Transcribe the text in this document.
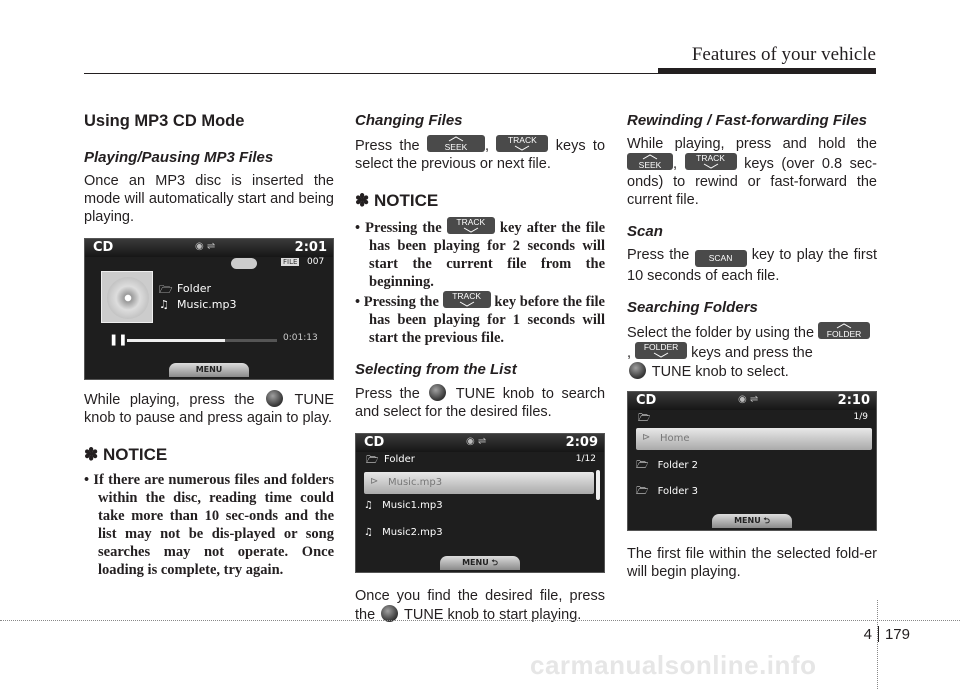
Features of your vehicle
Using MP3 CD Mode
Playing/Pausing MP3 Files

Once an MP3 disc is inserted the mode will automatically start and being playing.

CD	◉ ⇌	2:01
FILE 007
🗁 Folder
♫ Music.mp3
❚❚	0:01:13
MENU

While playing, press the	TUNE knob to pause and press again to play.

✽ NOTICE
• If there are numerous files and folders within the disc, reading time could take more than 10 sec-onds and the list may not be dis-played or song searches may not operate. Once loading is complete, try again.
Changing Files

Press the	SEEK	,	TRACK	keys to select the previous or next file.

✽ NOTICE
• Pressing the	TRACK	key after the file has been playing for 2 seconds will start the current file from the beginning.
• Pressing the	TRACK key before the file has been playing for 1 seconds will start the previous file.
Selecting from the List

Press the TUNE knob to search and select for the desired files.

CD	◉ ⇌	2:09
🗁 Folder	1/12
⊳ Music.mp3
♫ Music1.mp3
♫ Music2.mp3
MENU ⮌

Once you find the desired file, press the TUNE knob to start playing.

Rewinding / Fast-forwarding Files

While playing, press and hold the
SEEK ,	TRACK	keys (over 0.8 sec-onds) to rewind or fast-forward the current file.

Scan

Press the SCAN key to play the first 10 seconds of each file.

Searching Folders

Select the folder by using the	FOLDER

,	FOLDER keys and press the
TUNE knob to select.

CD	◉ ⇌	2:10
🗁	1/9
⊳ Home
🗁 Folder 2
🗁 Folder 3
MENU ⮌

The first file within the selected fold-er will begin playing.

4 179
carmanualsonline.info
